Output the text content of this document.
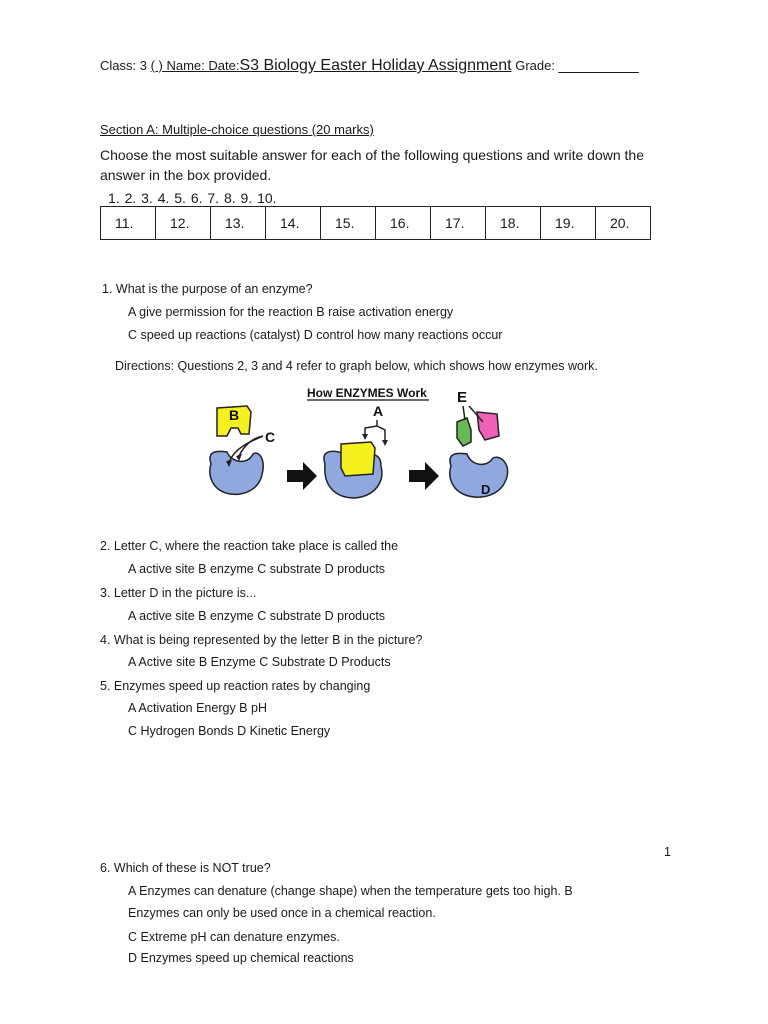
Class: 3 ( ) Name: Date:S3 Biology Easter Holiday Assignment Grade: _________
Section A: Multiple-choice questions (20 marks)
Choose the most suitable answer for each of the following questions and write down the
answer in the box provided.
1. 2. 3. 4. 5. 6. 7. 8. 9. 10.
11.	12.	13.	14.	15.	16.	17.	18.	19.	20.
1. What is the purpose of an enzyme?
A give permission for the reaction B raise activation energy
C speed up reactions (catalyst) D control how many reactions occur
Directions: Questions 2, 3 and 4 refer to graph below, which shows how enzymes work.
How ENZYMES Work
B
C
A
E
D
2. Letter C, where the reaction take place is called the
A active site B enzyme C substrate D products
3. Letter D in the picture is...
A active site B enzyme C substrate D products
4. What is being represented by the letter B in the picture?
A Active site B Enzyme C Substrate D Products
5. Enzymes speed up reaction rates by changing
A Activation Energy B pH
C Hydrogen Bonds D Kinetic Energy
1
6. Which of these is NOT true?
A Enzymes can denature (change shape) when the temperature gets too high. B
Enzymes can only be used once in a chemical reaction.
C Extreme pH can denature enzymes.
D Enzymes speed up chemical reactions
